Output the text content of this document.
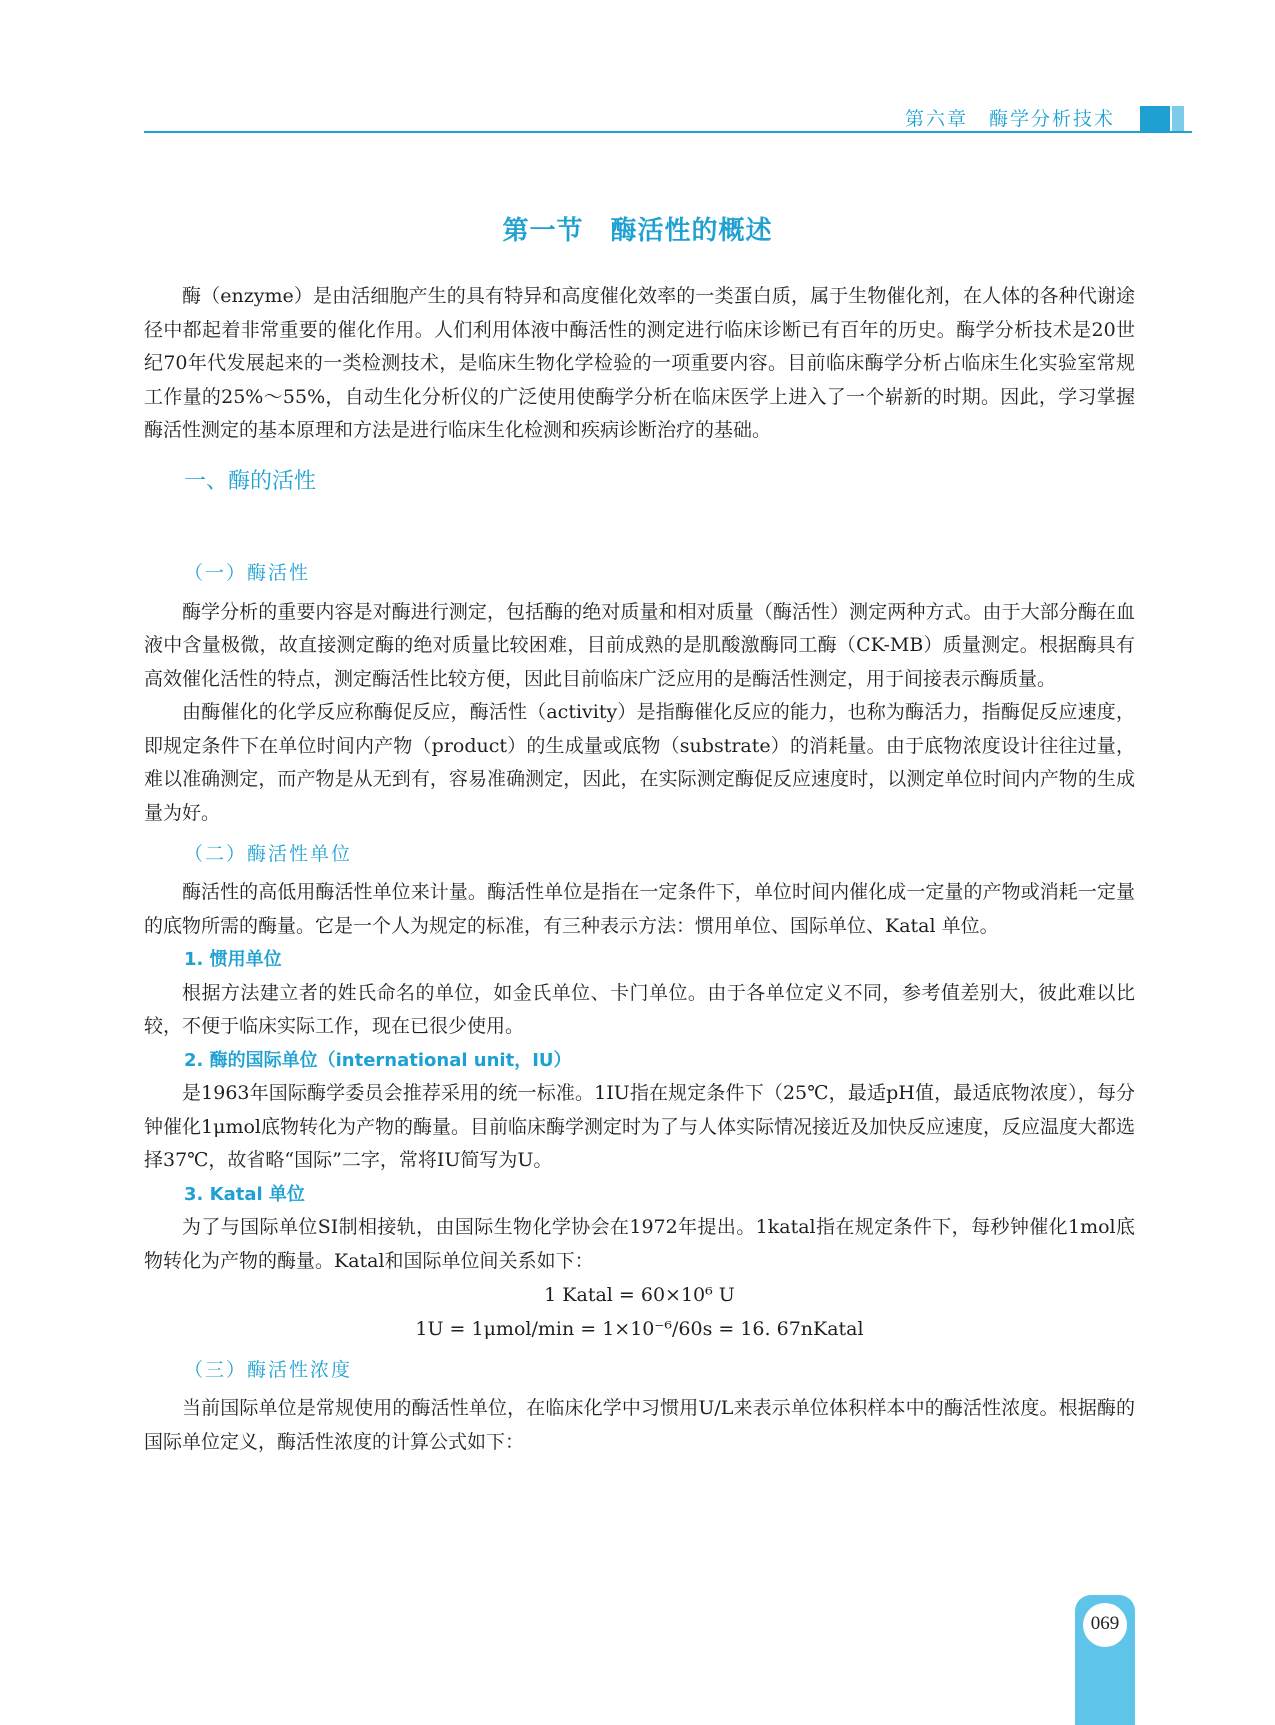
第六章　酶学分析技术
第一节　酶活性的概述

酶（enzyme）是由活细胞产生的具有特异和高度催化效率的一类蛋白质，属于生物催化剂，在人体的各种代谢途径中都起着非常重要的催化作用。人们利用体液中酶活性的测定进行临床诊断已有百年的历史。酶学分析技术是20世纪70年代发展起来的一类检测技术，是临床生物化学检验的一项重要内容。目前临床酶学分析占临床生化实验室常规工作量的25%～55%，自动生化分析仪的广泛使用使酶学分析在临床医学上进入了一个崭新的时期。因此，学习掌握酶活性测定的基本原理和方法是进行临床生化检测和疾病诊断治疗的基础。

一、酶的活性
（一）酶活性

酶学分析的重要内容是对酶进行测定，包括酶的绝对质量和相对质量（酶活性）测定两种方式。由于大部分酶在血液中含量极微，故直接测定酶的绝对质量比较困难，目前成熟的是肌酸激酶同工酶（CK-MB）质量测定。根据酶具有高效催化活性的特点，测定酶活性比较方便，因此目前临床广泛应用的是酶活性测定，用于间接表示酶质量。

由酶催化的化学反应称酶促反应，酶活性（activity）是指酶催化反应的能力，也称为酶活力，指酶促反应速度，即规定条件下在单位时间内产物（product）的生成量或底物（substrate）的消耗量。由于底物浓度设计往往过量，难以准确测定，而产物是从无到有，容易准确测定，因此，在实际测定酶促反应速度时，以测定单位时间内产物的生成量为好。

（二）酶活性单位

酶活性的高低用酶活性单位来计量。酶活性单位是指在一定条件下，单位时间内催化成一定量的产物或消耗一定量的底物所需的酶量。它是一个人为规定的标准，有三种表示方法：惯用单位、国际单位、Katal 单位。

1. 惯用单位

根据方法建立者的姓氏命名的单位，如金氏单位、卡门单位。由于各单位定义不同，参考值差别大，彼此难以比较，不便于临床实际工作，现在已很少使用。

2. 酶的国际单位（international unit，IU）

是1963年国际酶学委员会推荐采用的统一标准。1IU指在规定条件下（25℃，最适pH值，最适底物浓度），每分钟催化1μmol底物转化为产物的酶量。目前临床酶学测定时为了与人体实际情况接近及加快反应速度，反应温度大都选择37℃，故省略“国际”二字，常将IU简写为U。

3. Katal 单位

为了与国际单位SI制相接轨，由国际生物化学协会在1972年提出。1katal指在规定条件下，每秒钟催化1mol底物转化为产物的酶量。Katal和国际单位间关系如下：

1 Katal = 60×10⁶ U
1U = 1μmol/min = 1×10⁻⁶/60s = 16. 67nKatal
（三）酶活性浓度

当前国际单位是常规使用的酶活性单位，在临床化学中习惯用U/L来表示单位体积样本中的酶活性浓度。根据酶的国际单位定义，酶活性浓度的计算公式如下：

069
